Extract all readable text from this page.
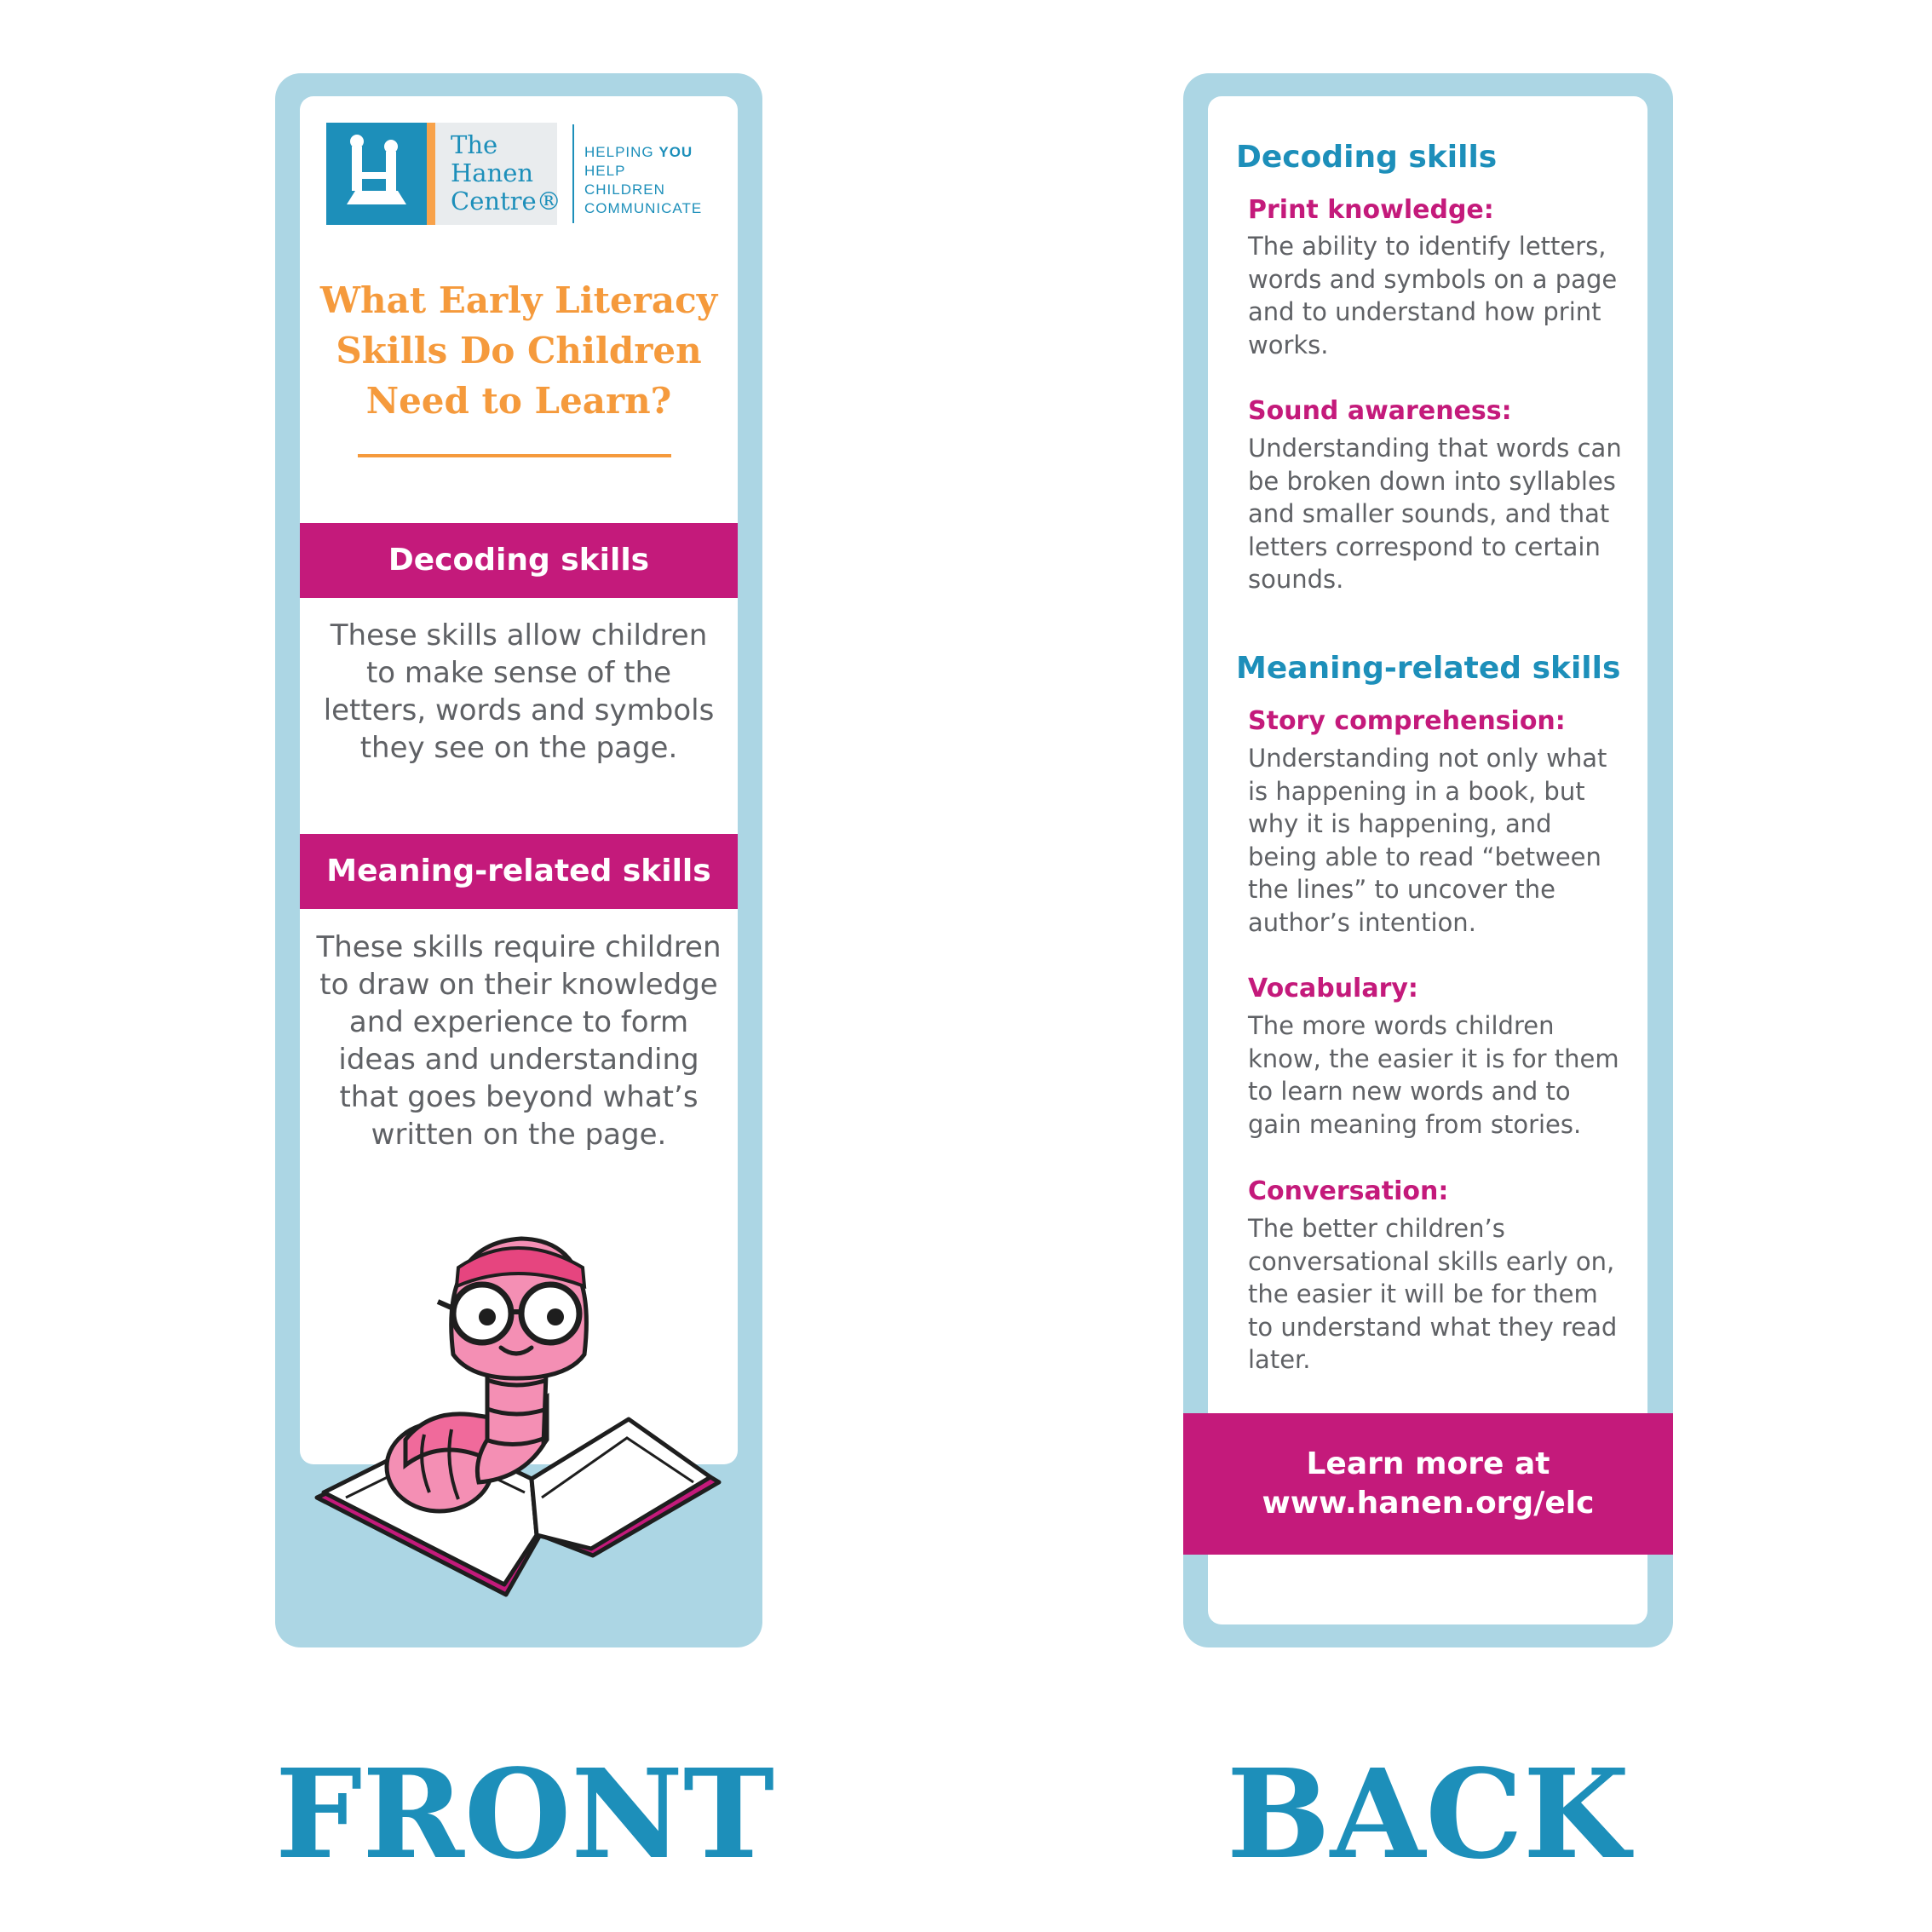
The
Hanen
Centre®
HELPING YOU
HELP CHILDREN
COMMUNICATE
What Early Literacy Skills Do Children Need to Learn?
Decoding skills
These skills allow children
to make sense of the
letters, words and symbols
they see on the page.
Meaning-related skills
These skills require children
to draw on their knowledge
and experience to form
ideas and understanding
that goes beyond what’s
written on the page.
Decoding skills
Print knowledge:
The ability to identify letters,
words and symbols on a page
and to understand how print
works.
Sound awareness:
Understanding that words can
be broken down into syllables
and smaller sounds, and that
letters correspond to certain
sounds.
Meaning-related skills
Story comprehension:
Understanding not only what
is happening in a book, but
why it is happening, and
being able to read “between
the lines” to uncover the
author’s intention.
Vocabulary:
The more words children
know, the easier it is for them
to learn new words and to
gain meaning from stories.
Conversation:
The better children’s
conversational skills early on,
the easier it will be for them
to understand what they read
later.
Learn more at
www.hanen.org/elc
FRONT	BACK
